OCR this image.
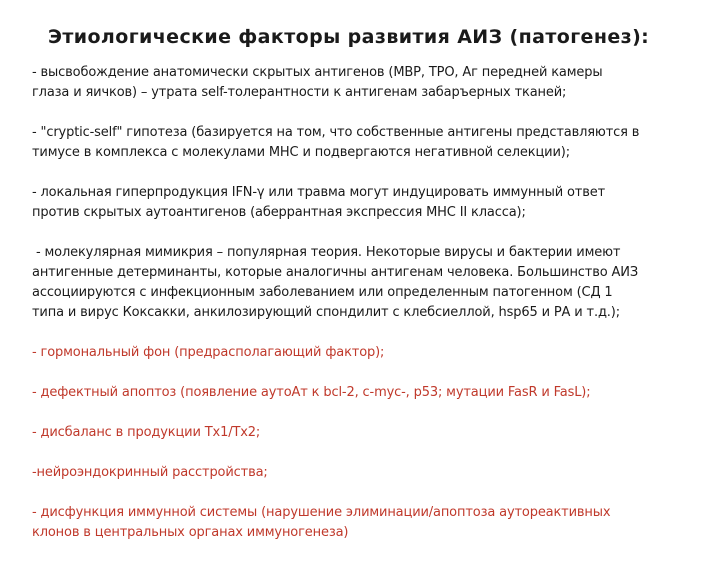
Этиологические факторы развития АИЗ (патогенез):
- высвобождение анатомически скрытых антигенов (МВР, ТРО, Аг передней камеры
глаза и яичков) – утрата self-толерантности к антигенам забаръерных тканей;
- "cryptic-self" гипотеза (базируется на том, что собственные антигены представляются в
тимусе в комплекса с молекулами МНС и подвергаются негативной селекции);
- локальная гиперпродукция IFN-γ или травма могут индуцировать иммунный ответ
против скрытых аутоантигенов (аберрантная экспрессия МНС II класса);
- молекулярная мимикрия – популярная теория. Некоторые вирусы и бактерии имеют
антигенные детерминанты, которые аналогичны антигенам человека. Большинство АИЗ
ассоциируются с инфекционным заболеванием или определенным патогенном (СД 1
типа и вирус Коксакки, анкилозирующий спондилит с клебсиеллой, hsp65 и РА и т.д.);
- гормональный фон (предрасполагающий фактор);
- дефектный апоптоз (появление аутоАт к bcl-2, c-myc-, p53; мутации FasR и FasL);
- дисбаланс в продукции Тх1/Тх2;
-нейроэндокринный расстройства;
- дисфункция иммунной системы (нарушение элиминации/апоптоза аутореактивных
клонов в центральных органах иммуногенеза)
